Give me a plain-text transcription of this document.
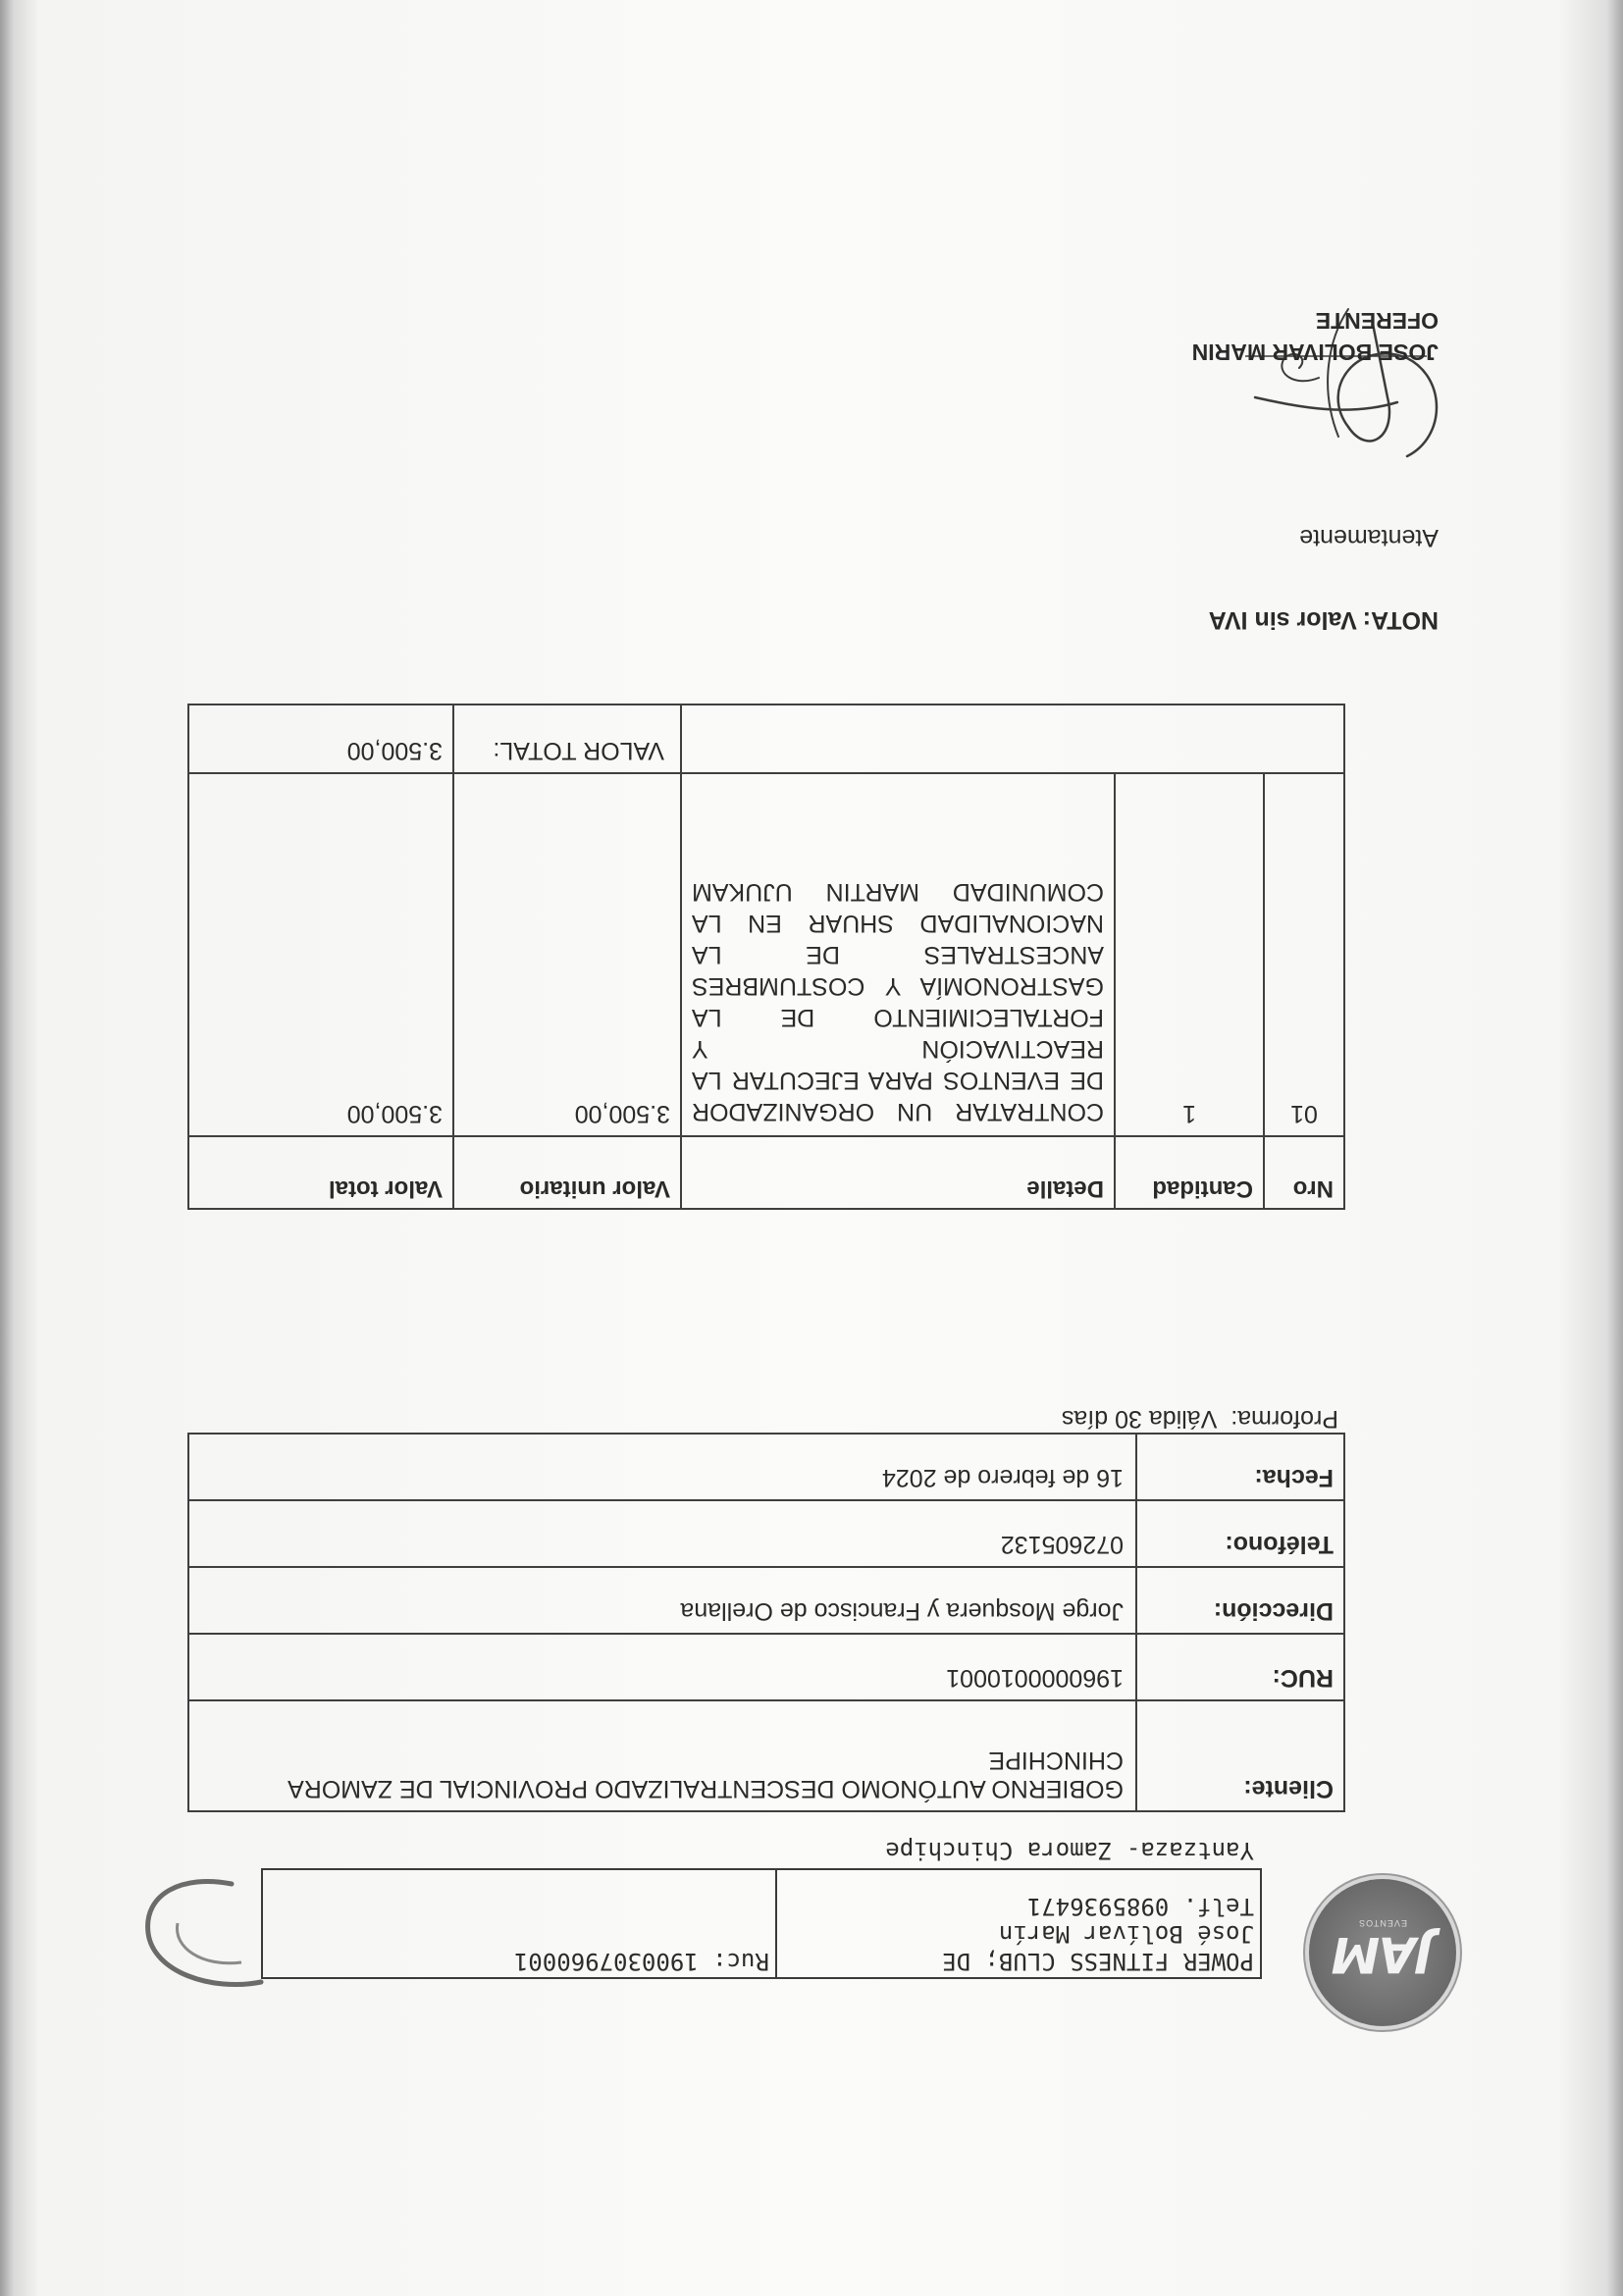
JAM
EVENTOS
POWER FITNESS CLUB; DE
José Bolívar Marín
Telf. 0985936471
	Ruc: 1900307960001
Yantzaza- Zamora Chinchipe
Cliente:	GOBIERNO AUTÓNOMO DESCENTRALIZADO PROVINCIAL DE ZAMORA CHINCHIPE
RUC:	1960000010001
Dirección:	Jorge Mosquera y Francisco de Orellana
Teléfono:	072605132
Fecha:	16 de febrero de 2024
Proforma:  Válida 30 días
Nro	Cantidad	Detalle	Valor unitario	Valor total
01	1	CONTRATAR UN ORGANIZADOR DE EVENTOS PARA EJECUTAR LA REACTIVACIÓN Y FORTALECIMIENTO DE LA GASTRONOMÍA Y COSTUMBRES ANCESTRALES DE LA NACIONALIDAD SHUAR EN LA COMUNIDAD MARTIN UJUKAM	3.500,00	3.500,00
			VALOR TOTAL:	3.500,00
NOTA:Valor sin IVA
Atentamente
JOSE BOLIVAR MARIN
OFERENTE
